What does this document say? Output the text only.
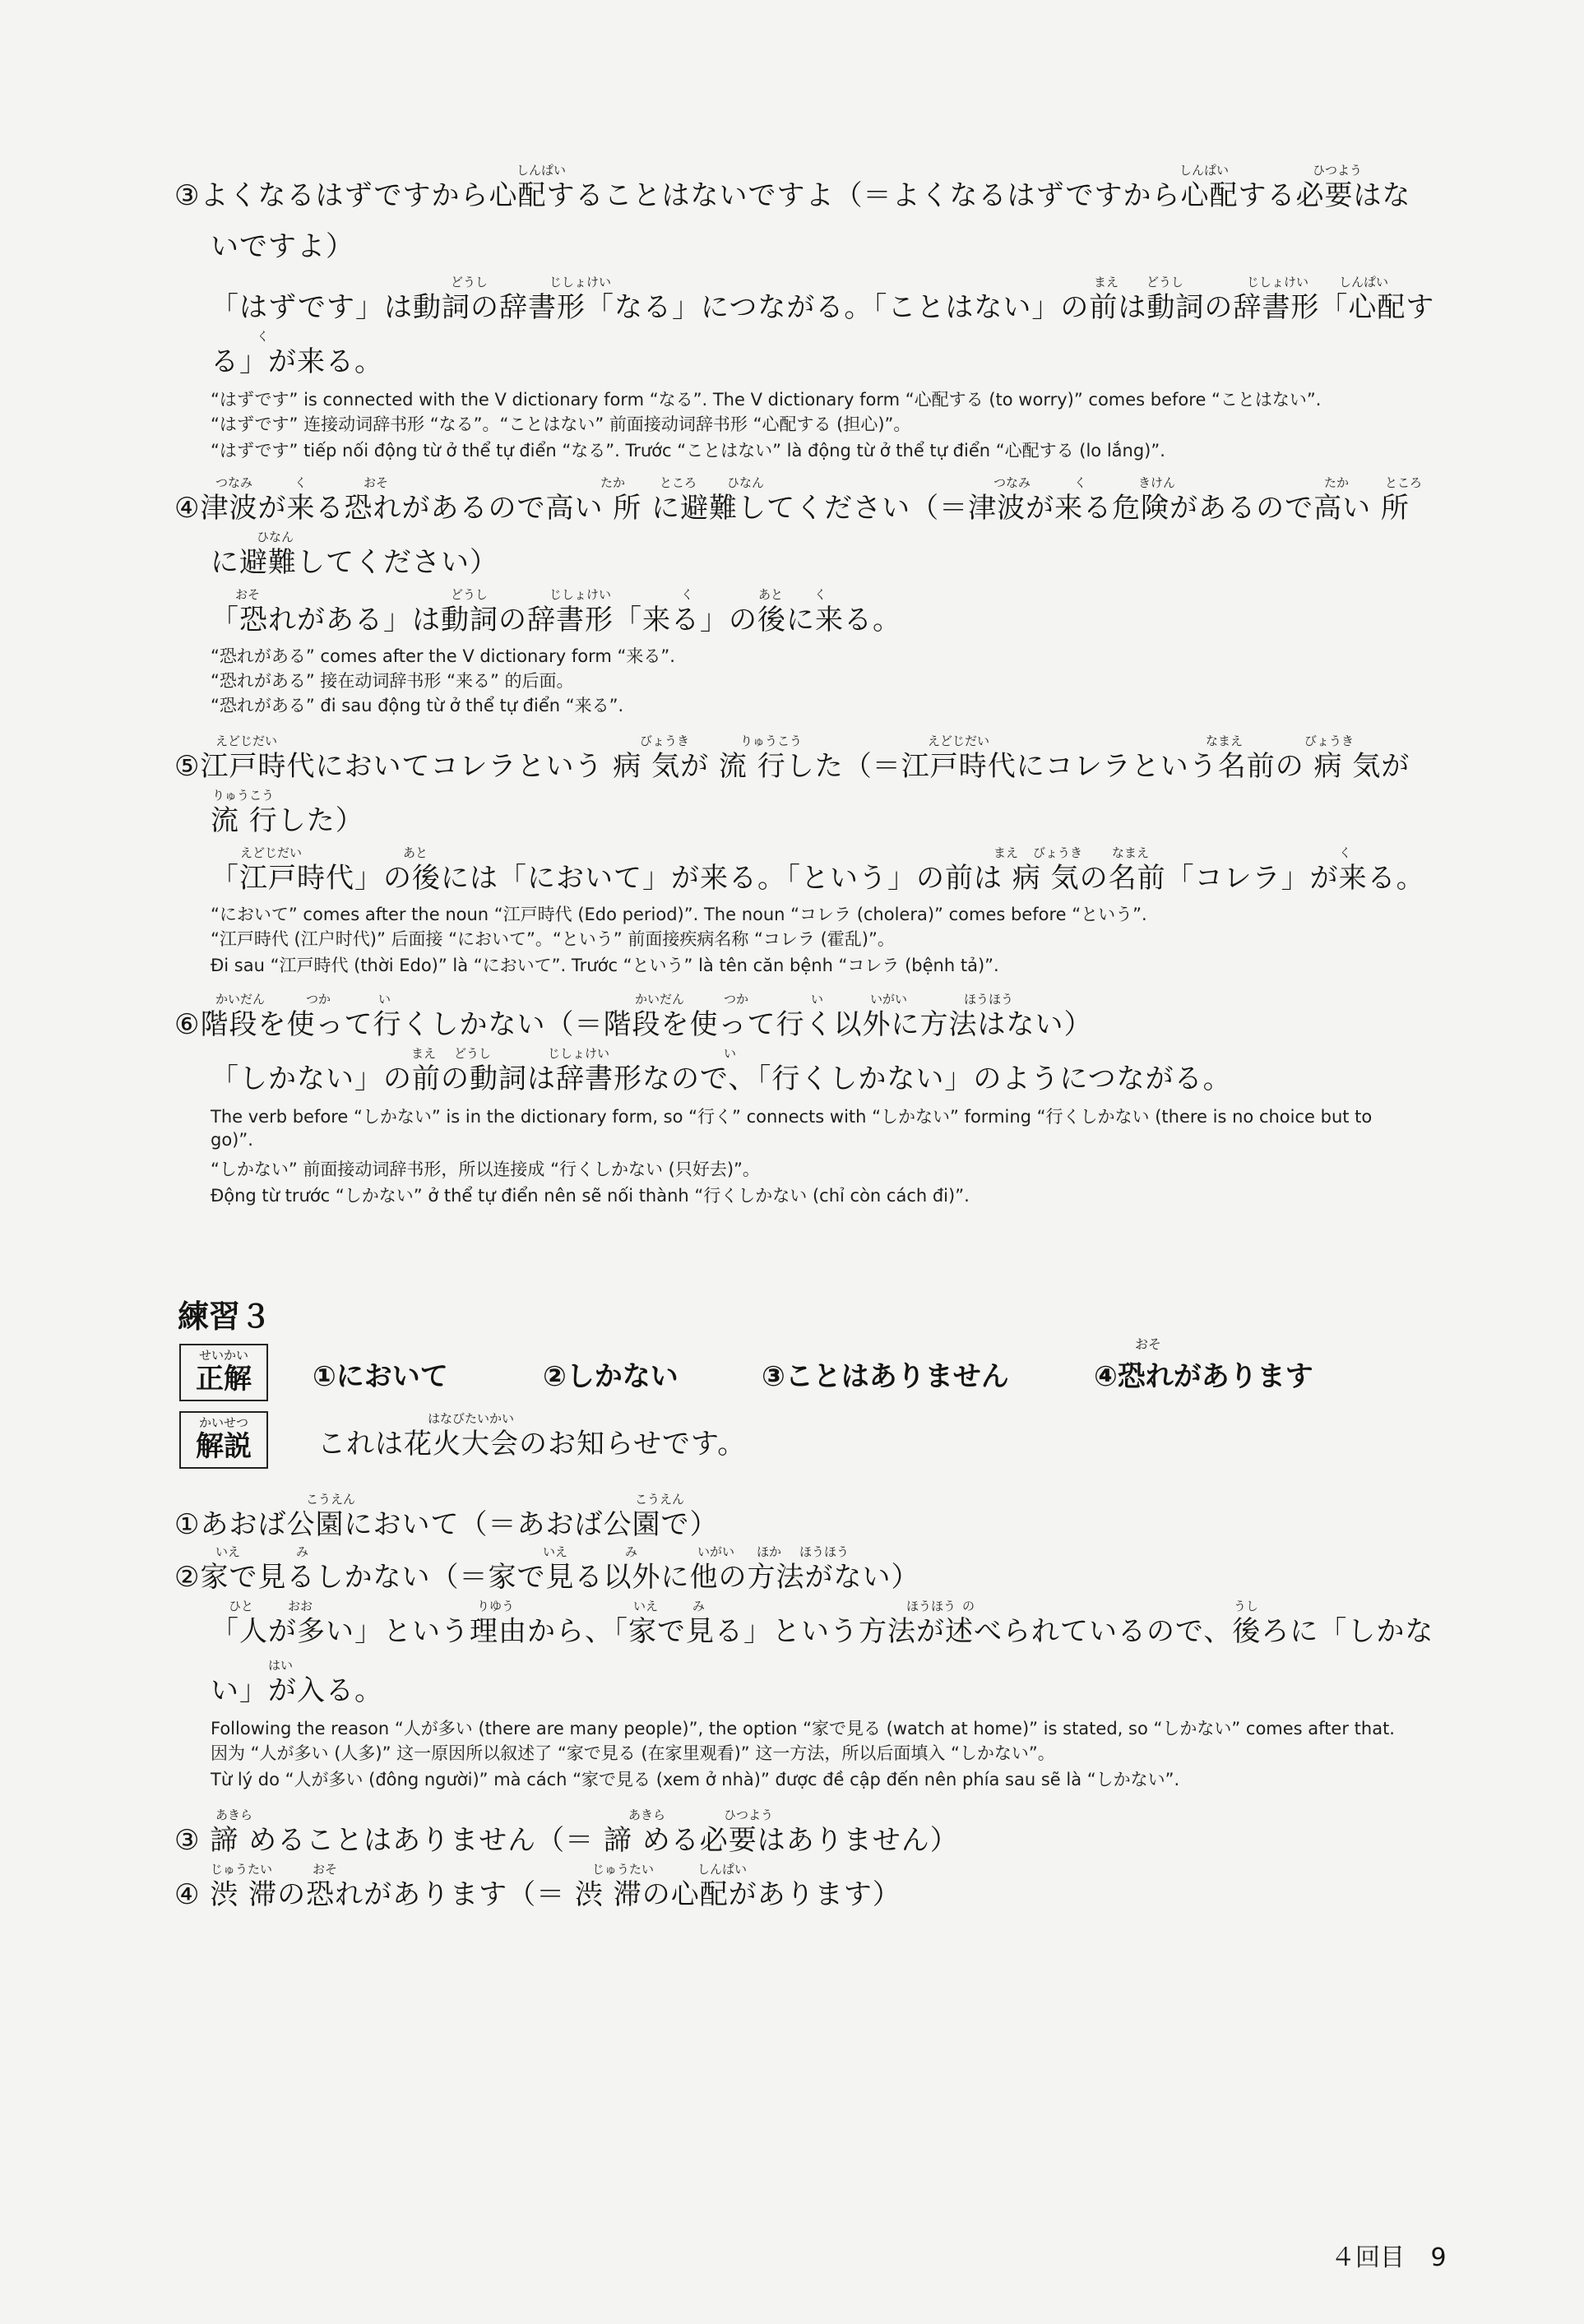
③よくなるはずですから心配することはないですよ（＝よくなるはずですから心配する必要はな
いですよ）
「はずです」は動詞の辞書形「なる」につながる。「ことはない」の前は動詞の辞書形「心配す
る」が来る。
“はずです” is connected with the V dictionary form “なる”. The V dictionary form “心配する (to worry)” comes before “ことはない”.
“はずです” 连接动词辞书形 “なる”。“ことはない” 前面接动词辞书形 “心配する (担心)”。
“はずです” tiếp nối động từ ở thể tự điển “なる”. Trước “ことはない” là động từ ở thể tự điển “心配する (lo lắng)”.
④津波が来る恐れがあるので高い 所 に避難してください（＝津波が来る危険があるので高い 所
に避難してください）
「恐れがある」は動詞の辞書形「来る」の後に来る。
“恐れがある” comes after the V dictionary form “来る”.
“恐れがある” 接在动词辞书形 “来る” 的后面。
“恐れがある” đi sau động từ ở thể tự điển “来る”.
⑤江戸時代においてコレラという 病 気が 流 行した（＝江戸時代にコレラという名前の 病 気が
流 行した）
「江戸時代」の後には「において」が来る。「という」の前は 病 気の名前「コレラ」が来る。
“において” comes after the noun “江戸時代 (Edo period)”. The noun “コレラ (cholera)” comes before “という”.
“江戸時代 (江户时代)” 后面接 “において”。“という” 前面接疾病名称 “コレラ (霍乱)”。
Đi sau “江戸時代 (thời Edo)” là “において”. Trước “という” là tên căn bệnh “コレラ (bệnh tả)”.
⑥階段を使って行くしかない（＝階段を使って行く以外に方法はない）
「しかない」の前の動詞は辞書形なので、「行くしかない」のようにつながる。
The verb before “しかない” is in the dictionary form, so “行く” connects with “しかない” forming “行くしかない (there is no choice but to
go)”.
“しかない” 前面接动词辞书形，所以连接成 “行くしかない (只好去)”。
Động từ trước “しかない” ở thể tự điển nên sẽ nối thành “行くしかない (chỉ còn cách đi)”.
これは花火大会のお知らせです。
①あおば公園において（＝あおば公園で）
②家で見るしかない（＝家で見る以外に他の方法がない）
「人が多い」という理由から、「家で見る」という方法が述べられているので、後ろに「しかな
い」が入る。
Following the reason “人が多い (there are many people)”, the option “家で見る (watch at home)” is stated, so “しかない” comes after that.
因为 “人が多い (人多)” 这一原因所以叙述了 “家で見る (在家里观看)” 这一方法，所以后面填入 “しかない”。
Từ lý do “人が多い (đông người)” mà cách “家で見る (xem ở nhà)” được đề cập đến nên phía sau sẽ là “しかない”.
③ 諦 めることはありません（＝ 諦 める必要はありません）
④ 渋 滞の恐れがあります（＝ 渋 滞の心配があります）
しんぱい	しんぱい	ひつよう
どうし	じしょけい	まえ どうし	じしょけい しんぱい
く
つなみ	く	おそ	たか	ところ ひなん	つなみ	く	きけん	たか	ところ
ひなん
おそ	どうし	じしょけい	く	あと	く
えどじだい	びょうき	りゅうこう	えどじだい	なまえ	びょうき
りゅうこう
えどじだい	あと	まえ びょうき なまえ	く
かいだん	つか	い	かいだん	つか	い	いがい	ほうほう
まえ どうし	じしょけい	い
はなびたいかい
こうえん	こうえん
いえ	み	いえ	み	いがい ほか ほうほう
ひと	おお	りゆう	いえ	み	ほうほう の	うし
はい
あきら	あきら	ひつよう
じゅうたい	おそ	じゅうたい	しんぱい
練習３
せいかい
正解
かいせつ
解説
①において	②しかない	③ことはありません	④恐れがあります
おそ
４回目 9
